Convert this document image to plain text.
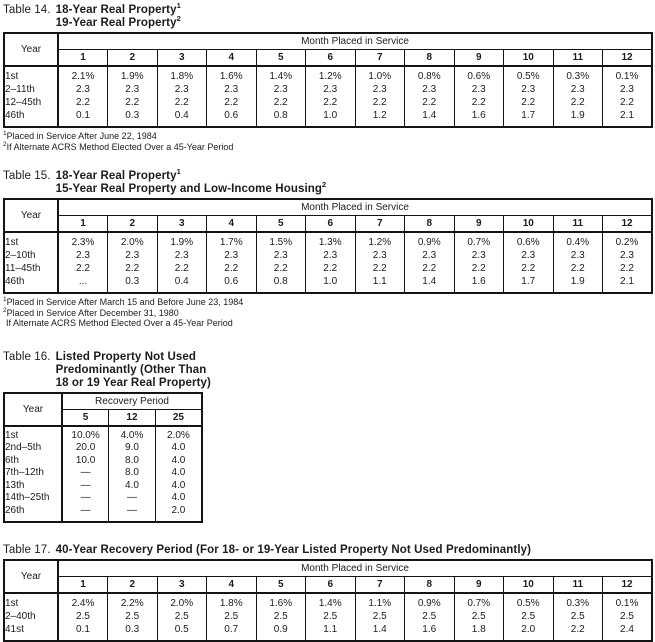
Table 14. 18-Year Real Property$^1$
19-Year Real Property$^2$
Year	Month Placed in Service											
	1	2	3	4	5	6	7	8	9	10	11	12
1st	2.1%	1.9%	1.8%	1.6%	1.4%	1.2%	1.0%	0.8%	0.6%	0.5%	0.3%	0.1%
2–11th	2.3	2.3	2.3	2.3	2.3	2.3	2.3	2.3	2.3	2.3	2.3	2.3
12–45th	2.2	2.2	2.2	2.2	2.2	2.2	2.2	2.2	2.2	2.2	2.2	2.2
46th	0.1	0.3	0.4	0.6	0.8	1.0	1.2	1.4	1.6	1.7	1.9	2.1
$^1$Placed in Service After June 22, 1984
$^2$If Alternate ACRS Method Elected Over a 45-Year Period
Table 15. 18-Year Real Property$^1$
15-Year Real Property and Low-Income Housing$^2$
Year	Month Placed in Service											
	1	2	3	4	5	6	7	8	9	10	11	12
1st	2.3%	2.0%	1.9%	1.7%	1.5%	1.3%	1.2%	0.9%	0.7%	0.6%	0.4%	0.2%
2–10th	2.3	2.3	2.3	2.3	2.3	2.3	2.3	2.3	2.3	2.3	2.3	2.3
11–45th	2.2	2.2	2.2	2.2	2.2	2.2	2.2	2.2	2.2	2.2	2.2	2.2
46th	...	0.3	0.4	0.6	0.8	1.0	1.1	1.4	1.6	1.7	1.9	2.1
$^1$Placed in Service After March 15 and Before June 23, 1984
$^2$Placed in Service After December 31, 1980
If Alternate ACRS Method Elected Over a 45-Year Period
Table 16. Listed Property Not Used
Predominantly (Other Than
18 or 19 Year Real Property)
Year	Recovery Period		
	5	12	25
1st	10.0%	4.0%	2.0%
2nd–5th	20.0	9.0	4.0
6th	10.0	8.0	4.0
7th–12th	—	8.0	4.0
13th	—	4.0	4.0
14th–25th	—	—	4.0
26th	—	—	2.0
Table 17. 40-Year Recovery Period (For 18- or 19-Year Listed Property Not Used Predominantly)
Year	Month Placed in Service											
	1	2	3	4	5	6	7	8	9	10	11	12
1st	2.4%	2.2%	2.0%	1.8%	1.6%	1.4%	1.1%	0.9%	0.7%	0.5%	0.3%	0.1%
2–40th	2.5	2.5	2.5	2.5	2.5	2.5	2.5	2.5	2.5	2.5	2.5	2.5
41st	0.1	0.3	0.5	0.7	0.9	1.1	1.4	1.6	1.8	2.0	2.2	2.4
